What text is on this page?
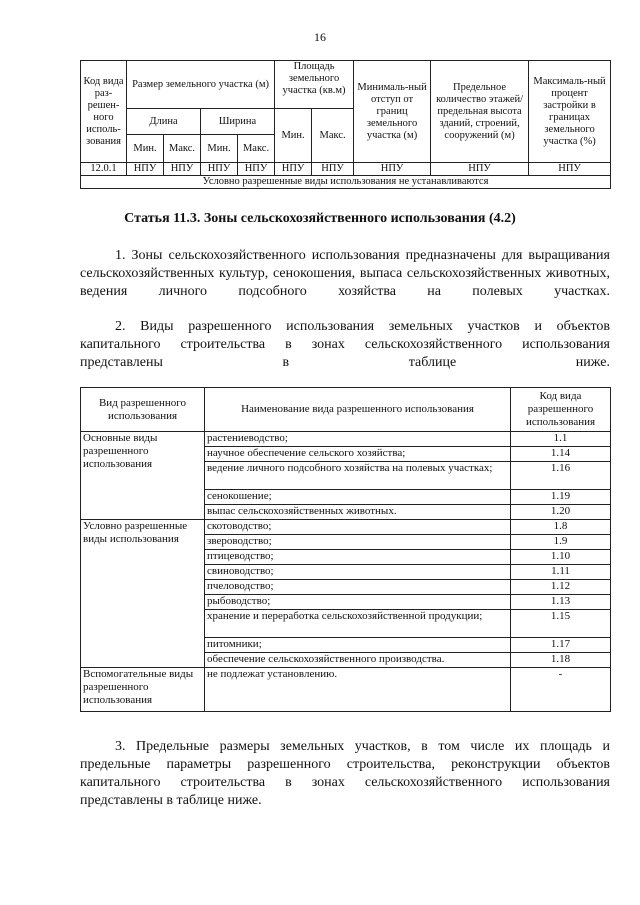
16
Код вида раз-решен-ного исполь-зования	Размер земельного участка (м)				Площадь земельного участка (кв.м)		Минималь-ный отступ от границ земельного участка (м)	Предельное количество этажей/ предельная высота зданий, строений, сооружений (м)	Максималь-ный процент застройки в границах земельного участка (%)
	Длина		Ширина		Мин.	Макс.			
	Мин.	Макс.	Мин.	Макс.					
12.0.1	НПУ	НПУ	НПУ	НПУ	НПУ	НПУ	НПУ	НПУ	НПУ
Условно разрешенные виды использования не устанавливаются									
Статья 11.3. Зоны сельскохозяйственного использования (4.2)
1. Зоны сельскохозяйственного использования предназначены для выращивания сельскохозяйственных культур, сенокошения, выпаса сельскохозяйственных животных, ведения личного подсобного хозяйства на полевых участках.
2. Виды разрешенного использования земельных участков и объектов капитального строительства в зонах сельскохозяйственного использования представлены в таблице ниже.
Вид разрешенного использования	Наименование вида разрешенного использования	Код вида разрешенного использования
Основные виды разрешенного использования	растениеводство;	1.1
	научное обеспечение сельского хозяйства;	1.14
	ведение личного подсобного хозяйства на полевых участках;	1.16
	сенокошение;	1.19
	выпас сельскохозяйственных животных.	1.20
Условно разрешенные виды использования	скотоводство;	1.8
	звероводство;	1.9
	птицеводство;	1.10
	свиноводство;	1.11
	пчеловодство;	1.12
	рыбоводство;	1.13
	хранение и переработка сельскохозяйственной продукции;	1.15
	питомники;	1.17
	обеспечение сельскохозяйственного производства.	1.18
Вспомогательные виды разрешенного использования	не подлежат установлению.	-
3. Предельные размеры земельных участков, в том числе их площадь и предельные параметры разрешенного строительства, реконструкции объектов капитального строительства в зонах сельскохозяйственного использования представлены в таблице ниже.
